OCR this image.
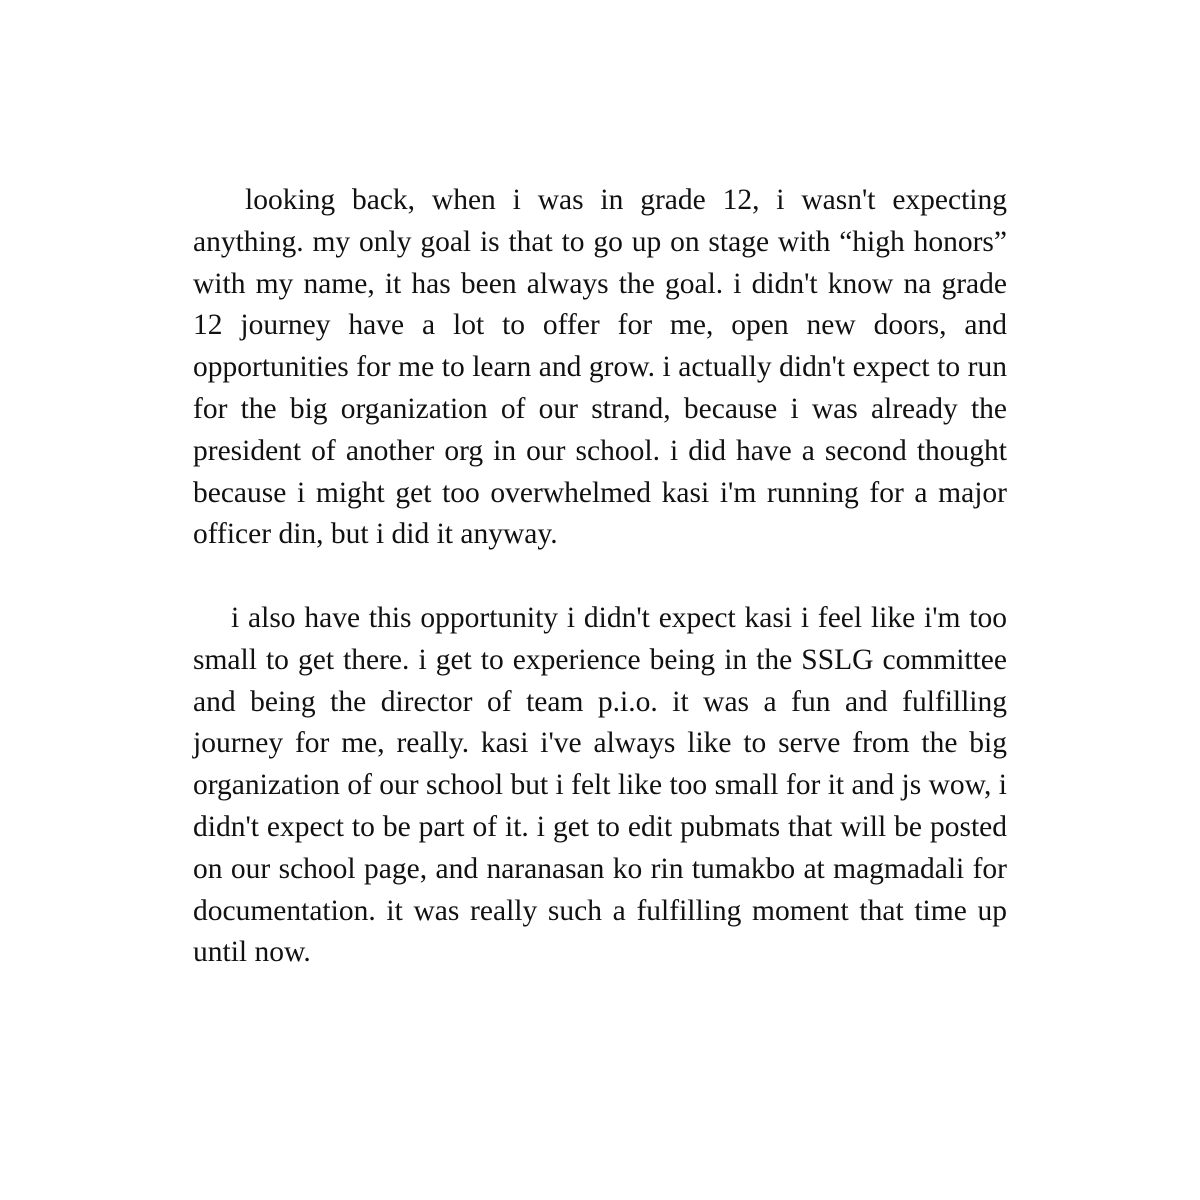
looking back, when i was in grade 12, i wasn't expecting anything. my only goal is that to go up on stage with “high honors” with my name, it has been always the goal. i didn't know na grade 12 journey have a lot to offer for me, open new doors, and opportunities for me to learn and grow. i actually didn't expect to run for the big organization of our strand, because i was already the president of another org in our school. i did have a second thought because i might get too overwhelmed kasi i'm running for a major officer din, but i did it anyway.

i also have this opportunity i didn't expect kasi i feel like i'm too small to get there. i get to experience being in the SSLG committee and being the director of team p.i.o. it was a fun and fulfilling journey for me, really. kasi i've always like to serve from the big organization of our school but i felt like too small for it and js wow, i didn't expect to be part of it. i get to edit pubmats that will be posted on our school page, and naranasan ko rin tumakbo at magmadali for documentation. it was really such a fulfilling moment that time up until now.
